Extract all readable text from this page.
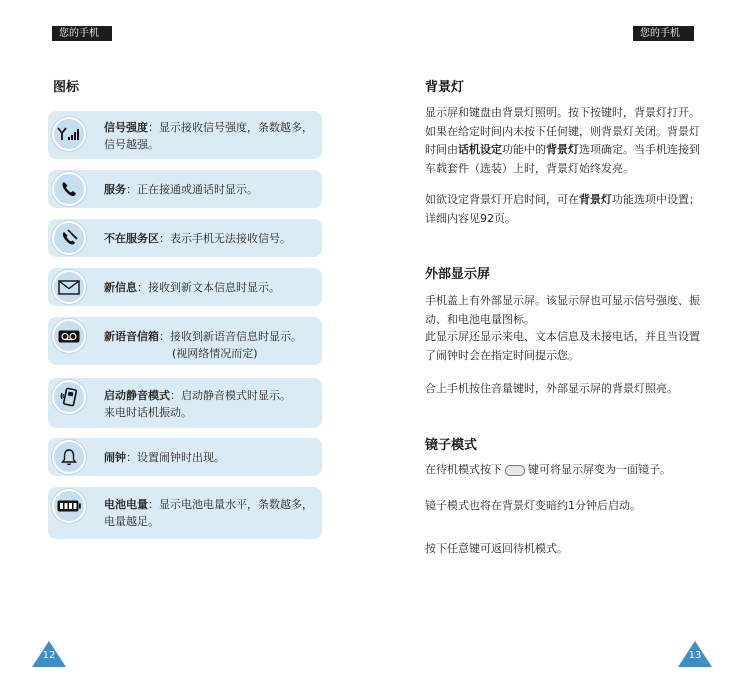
您的手机	您的手机
图标
信号强度：显示接收信号强度，条数越多，
信号越强。
服务：正在接通或通话时显示。
不在服务区：表示手机无法接收信号。
新信息：接收到新文本信息时显示。
新语音信箱：接收到新语音信息时显示。
(视网络情况而定)
启动静音模式：启动静音模式时显示。
来电时话机振动。
闹钟：设置闹钟时出现。
电池电量：显示电池电量水平，条数越多，
电量越足。
12
背景灯

显示屏和键盘由背景灯照明。按下按键时，背景灯打开。如果在给定时间内未按下任何键，则背景灯关闭。背景灯时间由话机设定功能中的背景灯选项确定。当手机连接到车载套件（选装）上时，背景灯始终发亮。

如欲设定背景灯开启时间，可在背景灯功能选项中设置；详细内容见92页。

外部显示屏

手机盖上有外部显示屏。该显示屏也可显示信号强度、振动、和电池电量图标。

此显示屏还显示来电、文本信息及未接电话，并且当设置了闹钟时会在指定时间提示您。

合上手机按住音量键时，外部显示屏的背景灯照亮。

镜子模式

在待机模式按下 键可将显示屏变为一面镜子。

镜子模式也将在背景灯变暗约1分钟后启动。

按下任意键可返回待机模式。

13
